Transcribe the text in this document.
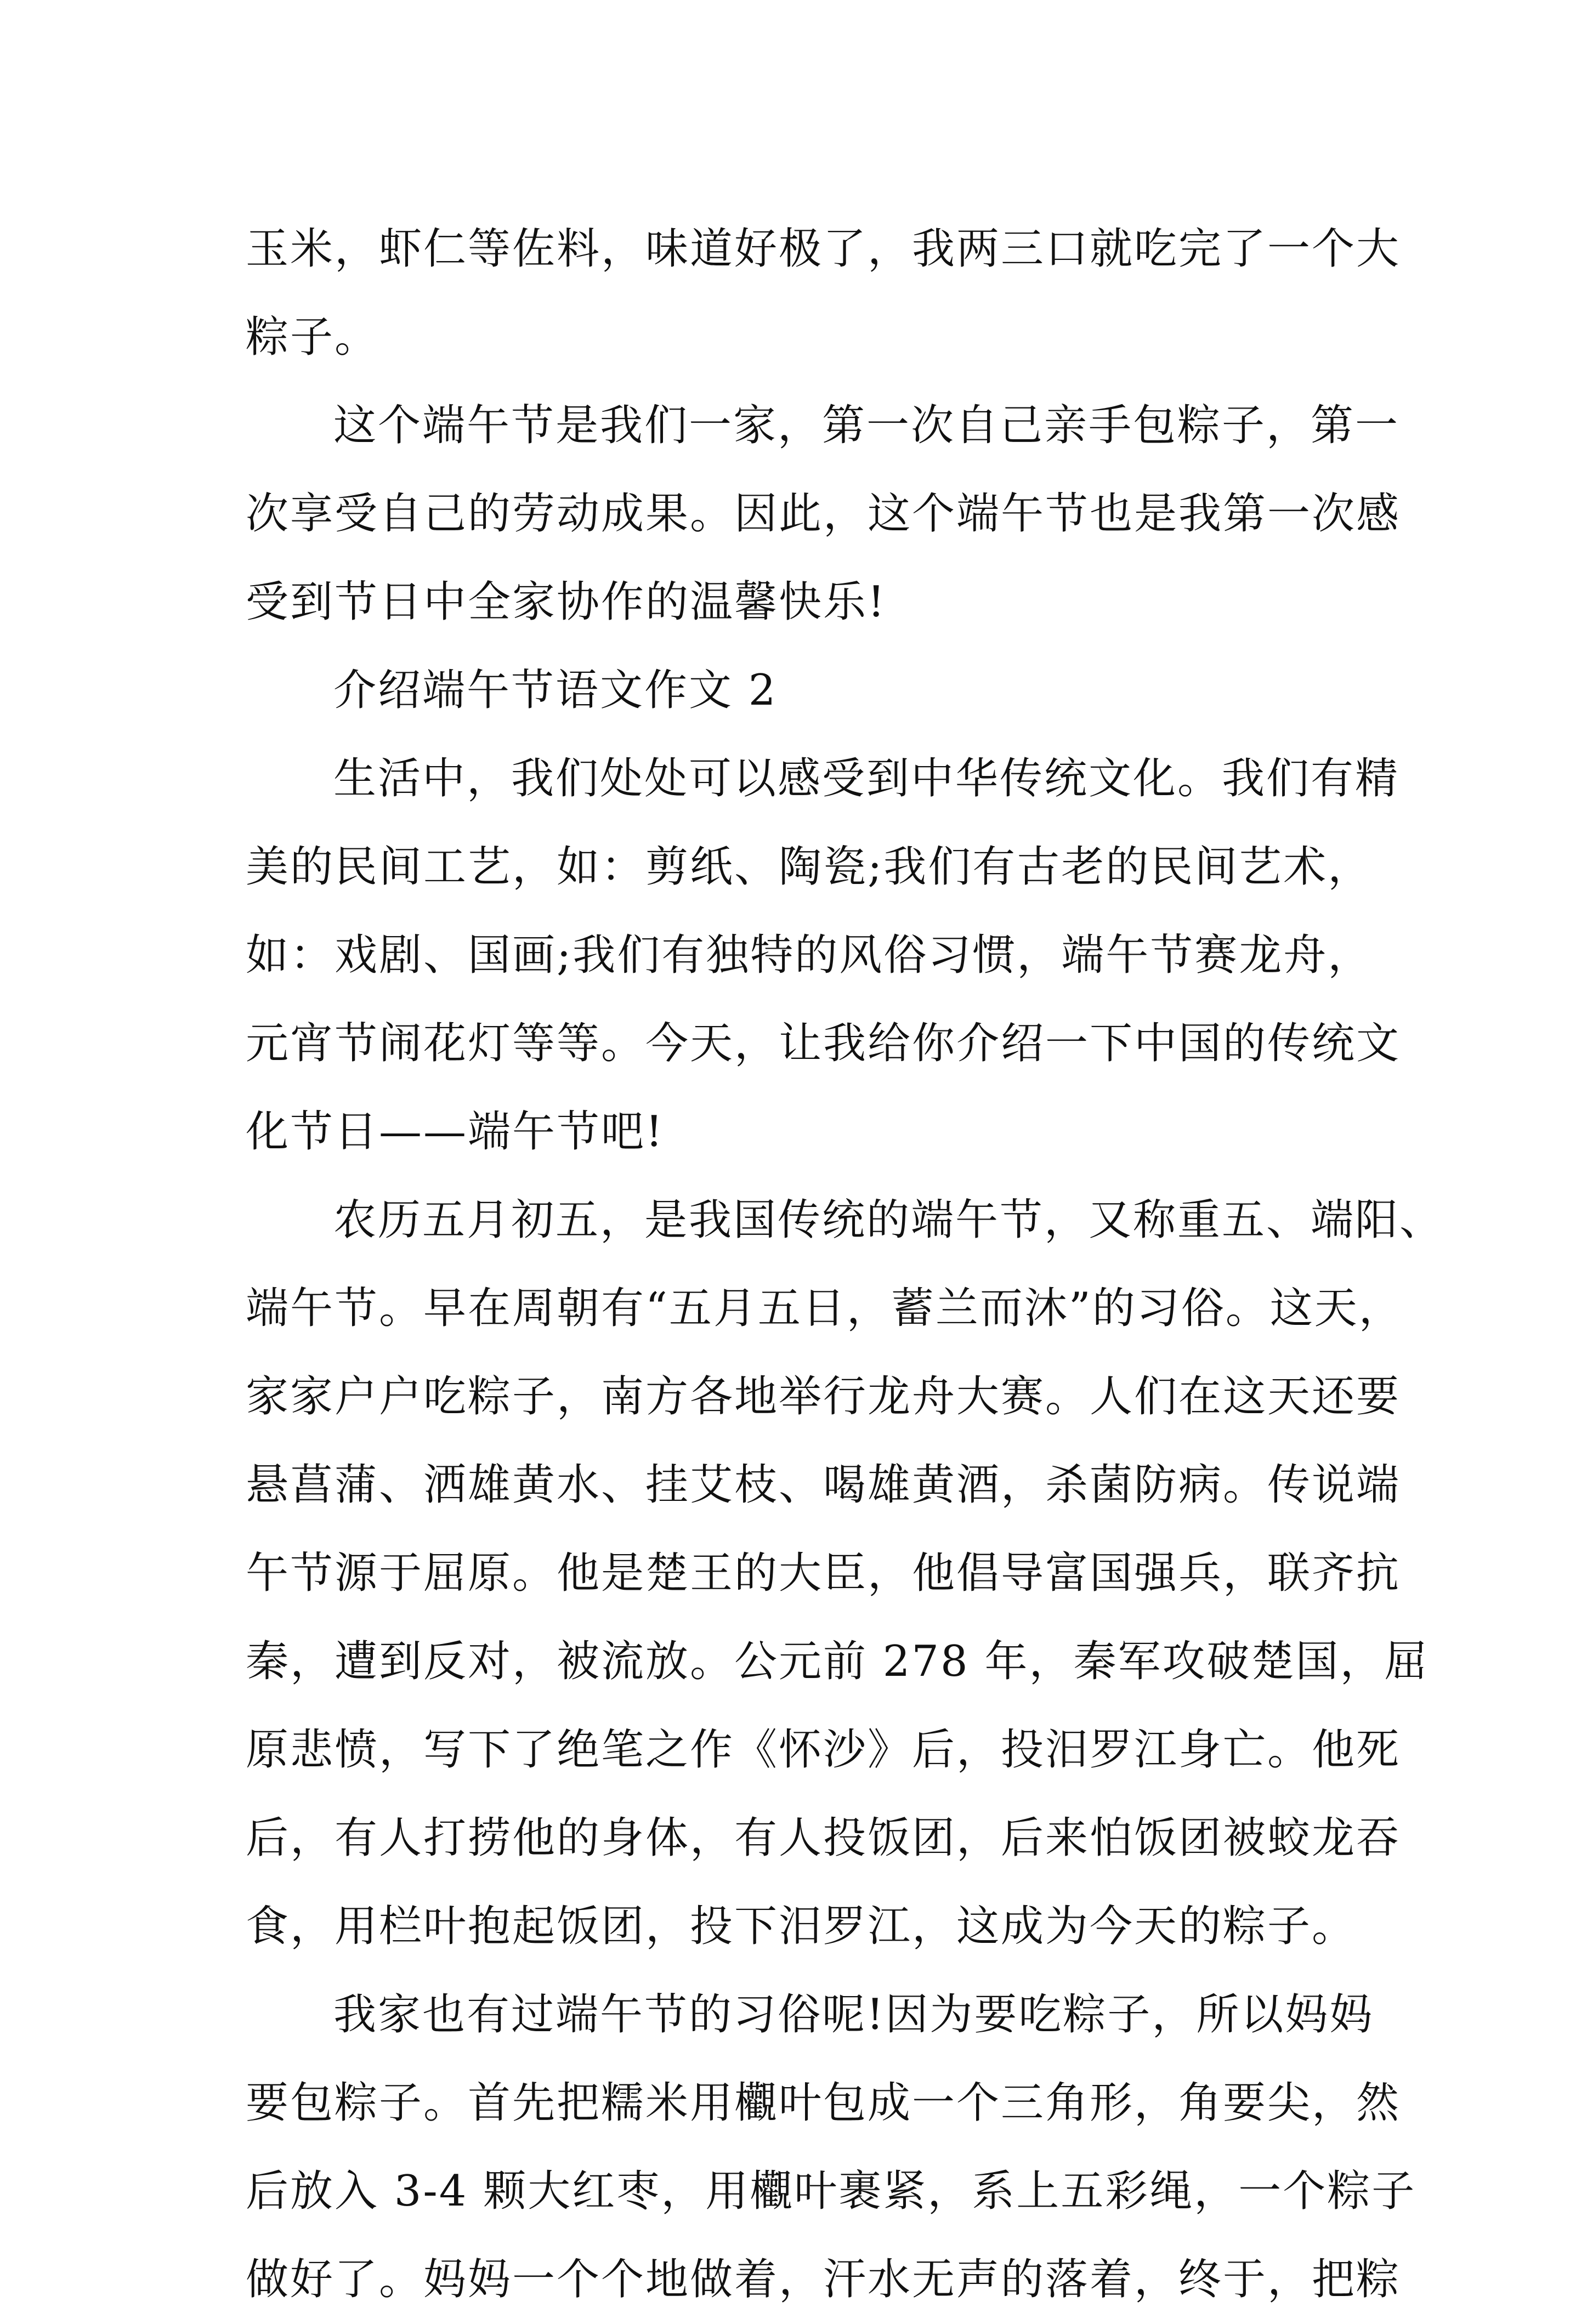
玉米，虾仁等佐料，味道好极了，我两三口就吃完了一个大
粽子。
这个端午节是我们一家，第一次自己亲手包粽子，第一
次享受自己的劳动成果。因此，这个端午节也是我第一次感
受到节日中全家协作的温馨快乐!
介绍端午节语文作文 2
生活中，我们处处可以感受到中华传统文化。我们有精
美的民间工艺，如：剪纸、陶瓷;我们有古老的民间艺术，
如：戏剧、国画;我们有独特的风俗习惯，端午节赛龙舟，
元宵节闹花灯等等。今天，让我给你介绍一下中国的传统文
化节日——端午节吧!
农历五月初五，是我国传统的端午节，又称重五、端阳、
端午节。早在周朝有“五月五日，蓄兰而沐”的习俗。这天，
家家户户吃粽子，南方各地举行龙舟大赛。人们在这天还要
悬菖蒲、洒雄黄水、挂艾枝、喝雄黄酒，杀菌防病。传说端
午节源于屈原。他是楚王的大臣，他倡导富国强兵，联齐抗
秦，遭到反对，被流放。公元前 278 年，秦军攻破楚国，屈
原悲愤，写下了绝笔之作《怀沙》后，投汨罗江身亡。他死
后，有人打捞他的身体，有人投饭团，后来怕饭团被蛟龙吞
食，用栏叶抱起饭团，投下汨罗江，这成为今天的粽子。
我家也有过端午节的习俗呢!因为要吃粽子，所以妈妈
要包粽子。首先把糯米用欟叶包成一个三角形，角要尖，然
后放入 3-4 颗大红枣，用欟叶裹紧，系上五彩绳，一个粽子
做好了。妈妈一个个地做着，汗水无声的落着，终于，把粽
